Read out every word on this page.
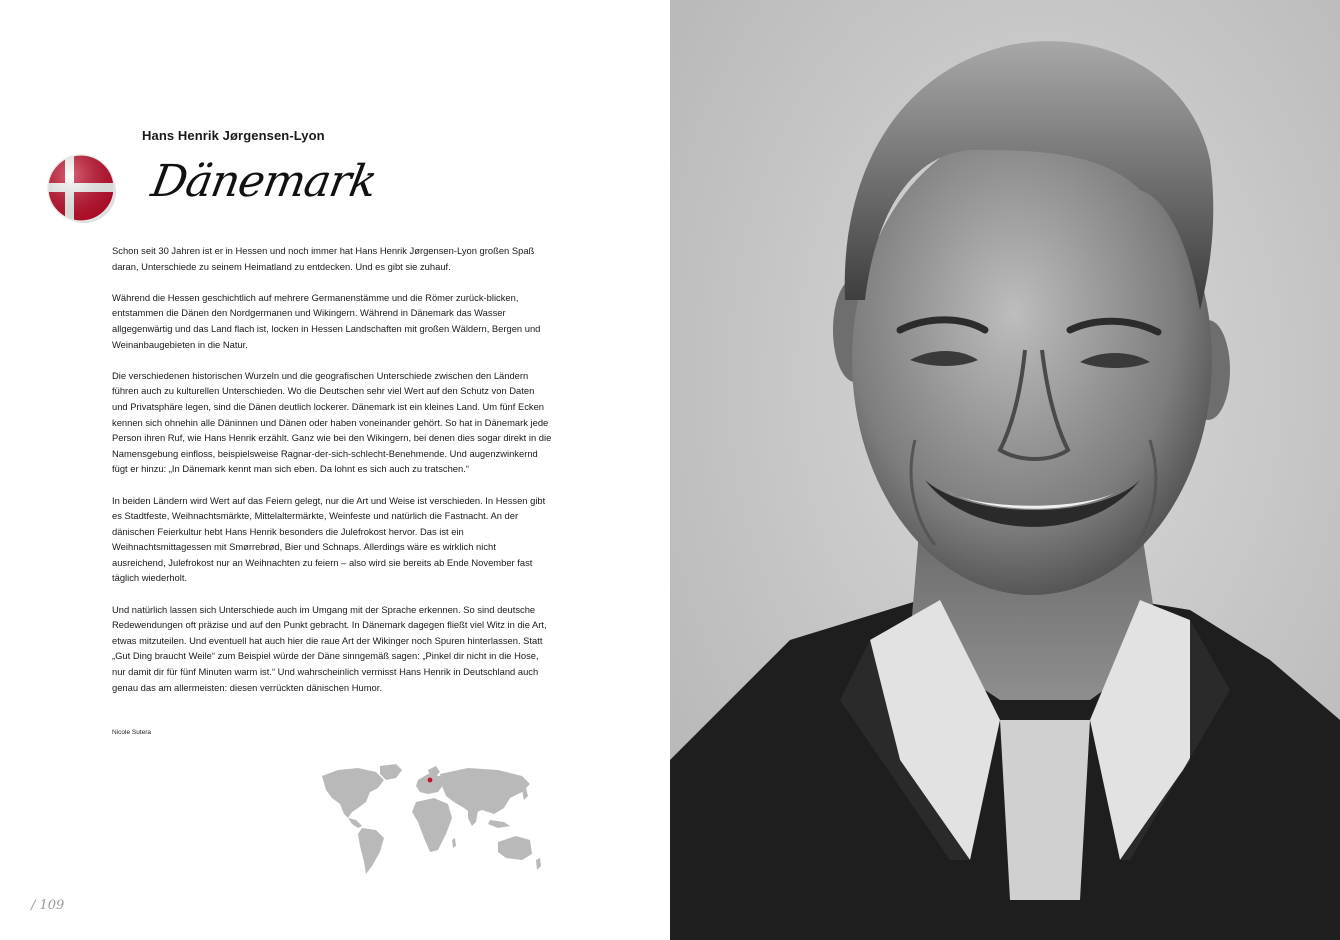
Hans Henrik Jørgensen-Lyon
Dänemark

Schon seit 30 Jahren ist er in Hessen und noch immer hat Hans Henrik Jørgensen-Lyon großen Spaß daran, Unterschiede zu seinem Heimatland zu entdecken. Und es gibt sie zuhauf.

Während die Hessen geschichtlich auf mehrere Germanenstämme und die Römer zurück-blicken, entstammen die Dänen den Nordgermanen und Wikingern. Während in Dänemark das Wasser allgegenwärtig und das Land flach ist, locken in Hessen Landschaften mit großen Wäldern, Bergen und Weinanbaugebieten in die Natur.

Die verschiedenen historischen Wurzeln und die geografischen Unterschiede zwischen den Ländern führen auch zu kulturellen Unterschieden. Wo die Deutschen sehr viel Wert auf den Schutz von Daten und Privatsphäre legen, sind die Dänen deutlich lockerer. Dänemark ist ein kleines Land. Um fünf Ecken kennen sich ohnehin alle Däninnen und Dänen oder haben voneinander gehört. So hat in Dänemark jede Person ihren Ruf, wie Hans Henrik erzählt. Ganz wie bei den Wikingern, bei denen dies sogar direkt in die Namensgebung einfloss, beispielsweise Ragnar-der-sich-schlecht-Benehmende. Und augenzwinkernd fügt er hinzu: „In Dänemark kennt man sich eben. Da lohnt es sich auch zu tratschen.“

In beiden Ländern wird Wert auf das Feiern gelegt, nur die Art und Weise ist verschieden. In Hessen gibt es Stadtfeste, Weihnachtsmärkte, Mittelaltermärkte, Weinfeste und natürlich die Fastnacht. An der dänischen Feierkultur hebt Hans Henrik besonders die Julefrokost hervor. Das ist ein Weihnachtsmittagessen mit Smørrebrød, Bier und Schnaps. Allerdings wäre es wirklich nicht ausreichend, Julefrokost nur an Weihnachten zu feiern – also wird sie bereits ab Ende November fast täglich wiederholt.

Und natürlich lassen sich Unterschiede auch im Umgang mit der Sprache erkennen. So sind deutsche Redewendungen oft präzise und auf den Punkt gebracht. In Dänemark dagegen fließt viel Witz in die Art, etwas mitzuteilen. Und eventuell hat auch hier die raue Art der Wikinger noch Spuren hinterlassen. Statt „Gut Ding braucht Weile“ zum Beispiel würde der Däne sinngemäß sagen: „Pinkel dir nicht in die Hose, nur damit dir für fünf Minuten warm ist.“ Und wahrscheinlich vermisst Hans Henrik in Deutschland auch genau das am allermeisten: diesen verrückten dänischen Humor.

Nicole Sutera
/ 109
